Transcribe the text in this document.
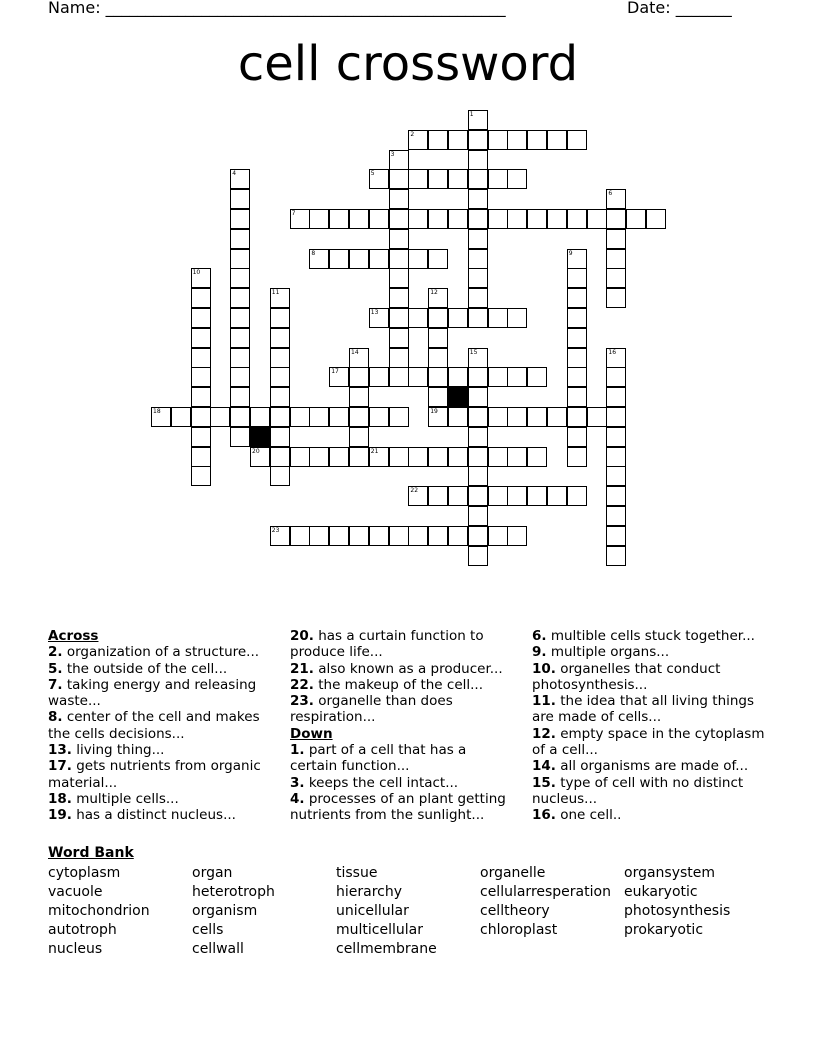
Name: __________________________________________________	Date: _______
cell crossword
1
2
3
4	5
6
7
8	9
10
11	12
13
14	15	16
17
18	19
20	21
22
23
Across
2. organization of a structure...
5. the outside of the cell...
7. taking energy and releasing waste...
8. center of the cell and makes the cells decisions...
13. living thing...
17. gets nutrients from organic material...
18. multiple cells...
19. has a distinct nucleus...
20. has a curtain function to produce life...
21. also known as a producer...
22. the makeup of the cell...
23. organelle than does respiration...
Down
1. part of a cell that has a certain function...
3. keeps the cell intact...
4. processes of an plant getting nutrients from the sunlight...
6. multible cells stuck together...
9. multiple organs...
10. organelles that conduct photosynthesis...
11. the idea that all living things are made of cells...
12. empty space in the cytoplasm of a cell...
14. all organisms are made of...
15. type of cell with no distinct nucleus...
16. one cell..
Word Bank
cytoplasm	organ	tissue	organelle	organsystem
vacuole	heterotroph	hierarchy	cellularresperation eukaryotic
mitochondrion	organism	unicellular	celltheory	photosynthesis
autotroph	cells	multicellular	chloroplast	prokaryotic
nucleus	cellwall	cellmembrane
